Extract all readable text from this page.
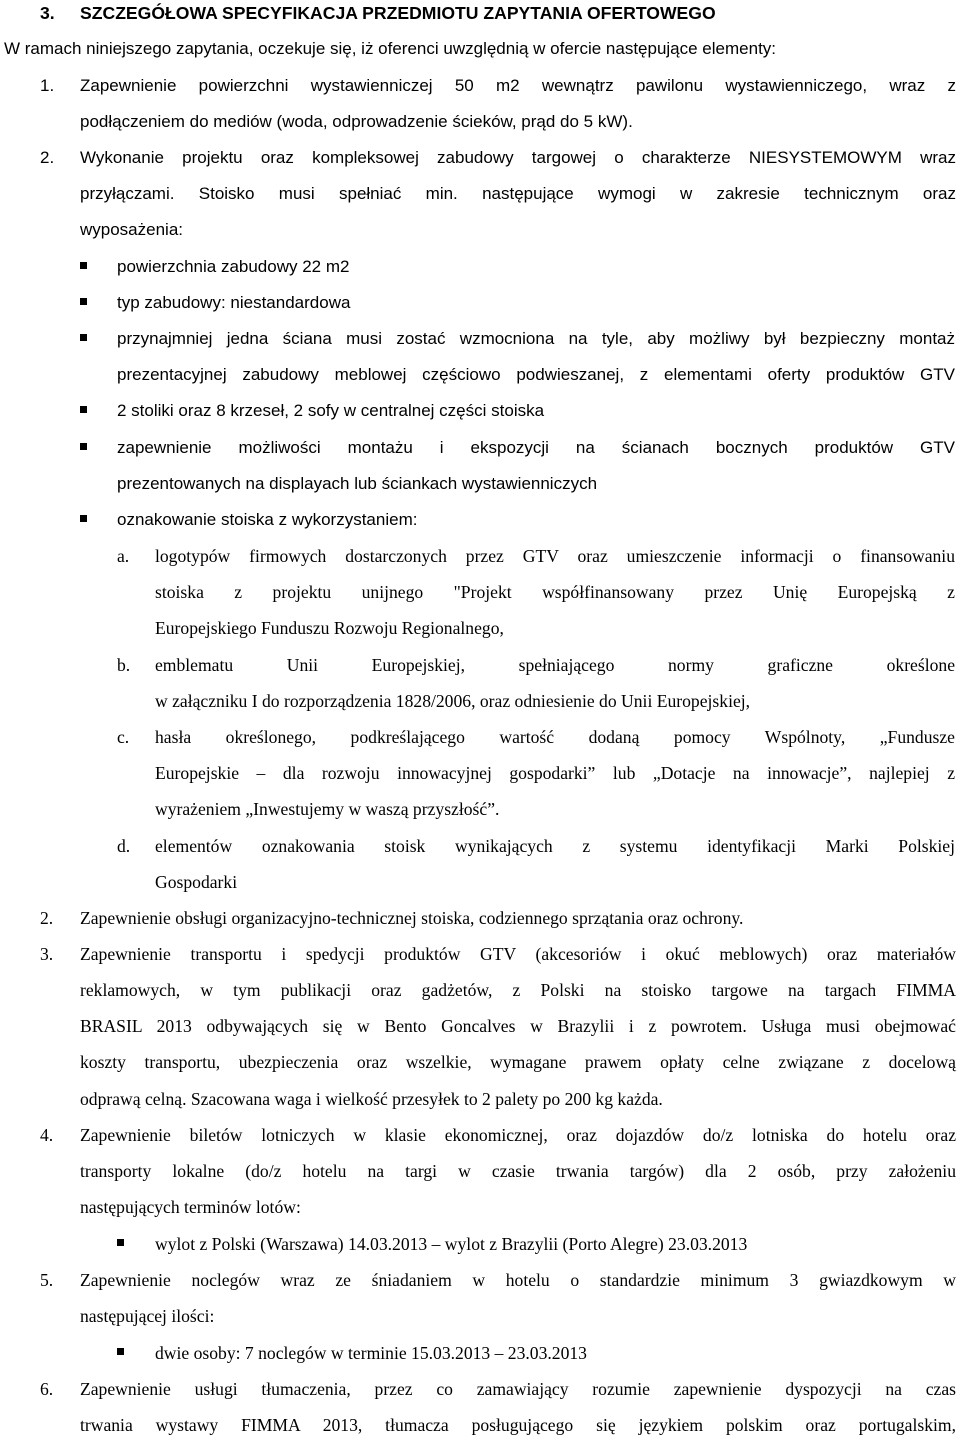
3. SZCZEGÓŁOWA SPECYFIKACJA PRZEDMIOTU ZAPYTANIA OFERTOWEGO
W ramach niniejszego zapytania, oczekuje się, iż oferenci uwzględnią w ofercie następujące elementy:
1. Zapewnienie powierzchni wystawienniczej 50 m2 wewnątrz pawilonu wystawienniczego, wraz z
podłączeniem do mediów (woda, odprowadzenie ścieków, prąd do 5 kW).
2. Wykonanie projektu oraz kompleksowej zabudowy targowej o charakterze NIESYSTEMOWYM wraz
przyłączami. Stoisko musi spełniać min. następujące wymogi w zakresie technicznym oraz
wyposażenia:
powierzchnia zabudowy 22 m2
typ zabudowy: niestandardowa
przynajmniej jedna ściana musi zostać wzmocniona na tyle, aby możliwy był bezpieczny montaż
prezentacyjnej zabudowy meblowej częściowo podwieszanej, z elementami oferty produktów GTV
2 stoliki oraz 8 krzeseł, 2 sofy w centralnej części stoiska
zapewnienie możliwości montażu i ekspozycji na ścianach bocznych produktów GTV
prezentowanych na displayach lub ściankach wystawienniczych
oznakowanie stoiska z wykorzystaniem:
a. logotypów firmowych dostarczonych przez GTV oraz umieszczenie informacji o finansowaniu
stoiska z projektu unijnego "Projekt współfinansowany przez Unię Europejską z
Europejskiego Funduszu Rozwoju Regionalnego,
b. emblematu Unii Europejskiej, spełniającego normy graficzne określone
w załączniku I do rozporządzenia 1828/2006, oraz odniesienie do Unii Europejskiej,
c. hasła określonego, podkreślającego wartość dodaną pomocy Wspólnoty, „Fundusze
Europejskie – dla rozwoju innowacyjnej gospodarki” lub „Dotacje na innowacje”, najlepiej z
wyrażeniem „Inwestujemy w waszą przyszłość”.
d. elementów oznakowania stoisk wynikających z systemu identyfikacji Marki Polskiej
Gospodarki
2. Zapewnienie obsługi organizacyjno-technicznej stoiska, codziennego sprzątania oraz ochrony.
3. Zapewnienie transportu i spedycji produktów GTV (akcesoriów i okuć meblowych) oraz materiałów
reklamowych, w tym publikacji oraz gadżetów, z Polski na stoisko targowe na targach FIMMA
BRASIL 2013 odbywających się w Bento Goncalves w Brazylii i z powrotem. Usługa musi obejmować
koszty transportu, ubezpieczenia oraz wszelkie, wymagane prawem opłaty celne związane z docelową
odprawą celną. Szacowana waga i wielkość przesyłek to 2 palety po 200 kg każda.
4. Zapewnienie biletów lotniczych w klasie ekonomicznej, oraz dojazdów do/z lotniska do hotelu oraz
transporty lokalne (do/z hotelu na targi w czasie trwania targów) dla 2 osób, przy założeniu
następujących terminów lotów:
wylot z Polski (Warszawa) 14.03.2013 – wylot z Brazylii (Porto Alegre) 23.03.2013
5. Zapewnienie noclegów wraz ze śniadaniem w hotelu o standardzie minimum 3 gwiazdkowym w
następującej ilości:
dwie osoby: 7 noclegów w terminie 15.03.2013 – 23.03.2013
6. Zapewnienie usługi tłumaczenia, przez co zamawiający rozumie zapewnienie dyspozycji na czas
trwania wystawy FIMMA 2013, tłumacza posługującego się językiem polskim oraz portugalskim,
